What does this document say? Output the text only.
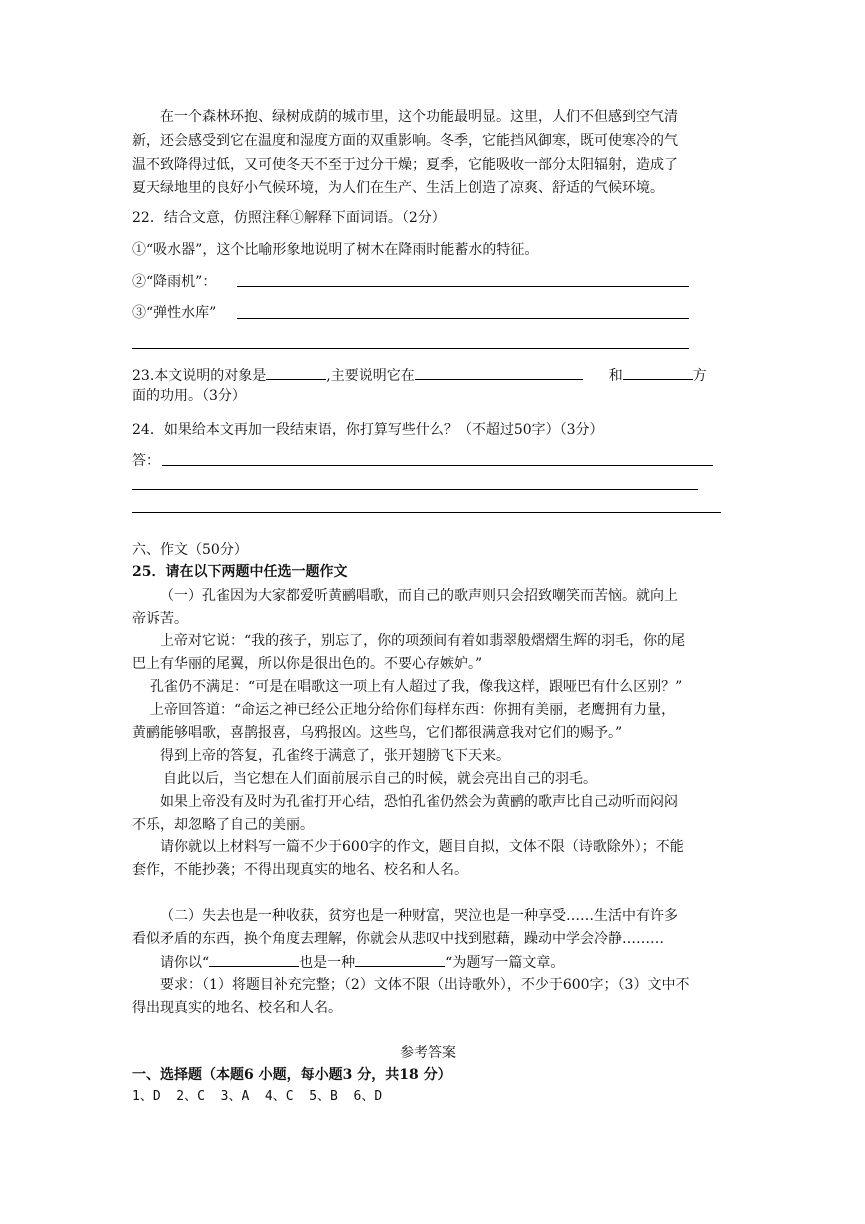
在一个森林环抱、绿树成荫的城市里，这个功能最明显。这里，人们不但感到空气清
新，还会感受到它在温度和湿度方面的双重影响。冬季，它能挡风御寒，既可使寒冷的气
温不致降得过低，又可使冬天不至于过分干燥；夏季，它能吸收一部分太阳辐射，造成了
夏天绿地里的良好小气候环境，为人们在生产、生活上创造了凉爽、舒适的气候环境。
22．结合文意，仿照注释①解释下面词语。（2分）
①“吸水器”，这个比喻形象地说明了树木在降雨时能蓄水的特征。
②“降雨机”：
③“弹性水库”
23.本文说明的对象是	,主要说明它在	和	方
面的功用。（3分）
24．如果给本文再加一段结束语，你打算写些什么？（不超过50字）（3分）
答：
六、作文（50分）
25．请在以下两题中任选一题作文
（一）孔雀因为大家都爱听黄鹂唱歌，而自己的歌声则只会招致嘲笑而苦恼。就向上
帝诉苦。
上帝对它说：“我的孩子，别忘了，你的项颈间有着如翡翠般熠熠生辉的羽毛，你的尾
巴上有华丽的尾翼，所以你是很出色的。不要心存嫉妒。”
孔雀仍不满足：“可是在唱歌这一项上有人超过了我，像我这样，跟哑巴有什么区别？”
上帝回答道：“命运之神已经公正地分给你们每样东西：你拥有美丽，老鹰拥有力量，
黄鹂能够唱歌，喜鹊报喜，乌鸦报凶。这些鸟，它们都很满意我对它们的赐予。”
得到上帝的答复，孔雀终于满意了，张开翅膀飞下天来。
自此以后，当它想在人们面前展示自己的时候，就会亮出自己的羽毛。
如果上帝没有及时为孔雀打开心结，恐怕孔雀仍然会为黄鹂的歌声比自己动听而闷闷
不乐，却忽略了自己的美丽。
请你就以上材料写一篇不少于600字的作文，题目自拟，文体不限（诗歌除外）；不能
套作，不能抄袭；不得出现真实的地名、校名和人名。
（二）失去也是一种收获，贫穷也是一种财富，哭泣也是一种享受……生活中有许多
看似矛盾的东西，换个角度去理解，你就会从悲叹中找到慰藉，躁动中学会冷静………
请你以“	也是一种	“为题写一篇文章。
要求：（1）将题目补充完整；（2）文体不限（出诗歌外），不少于600字；（3）文中不
得出现真实的地名、校名和人名。
参考答案
一、选择题（本题6 小题，每小题3 分，共18 分）
1、D  2、C  3、A  4、C  5、B  6、D
